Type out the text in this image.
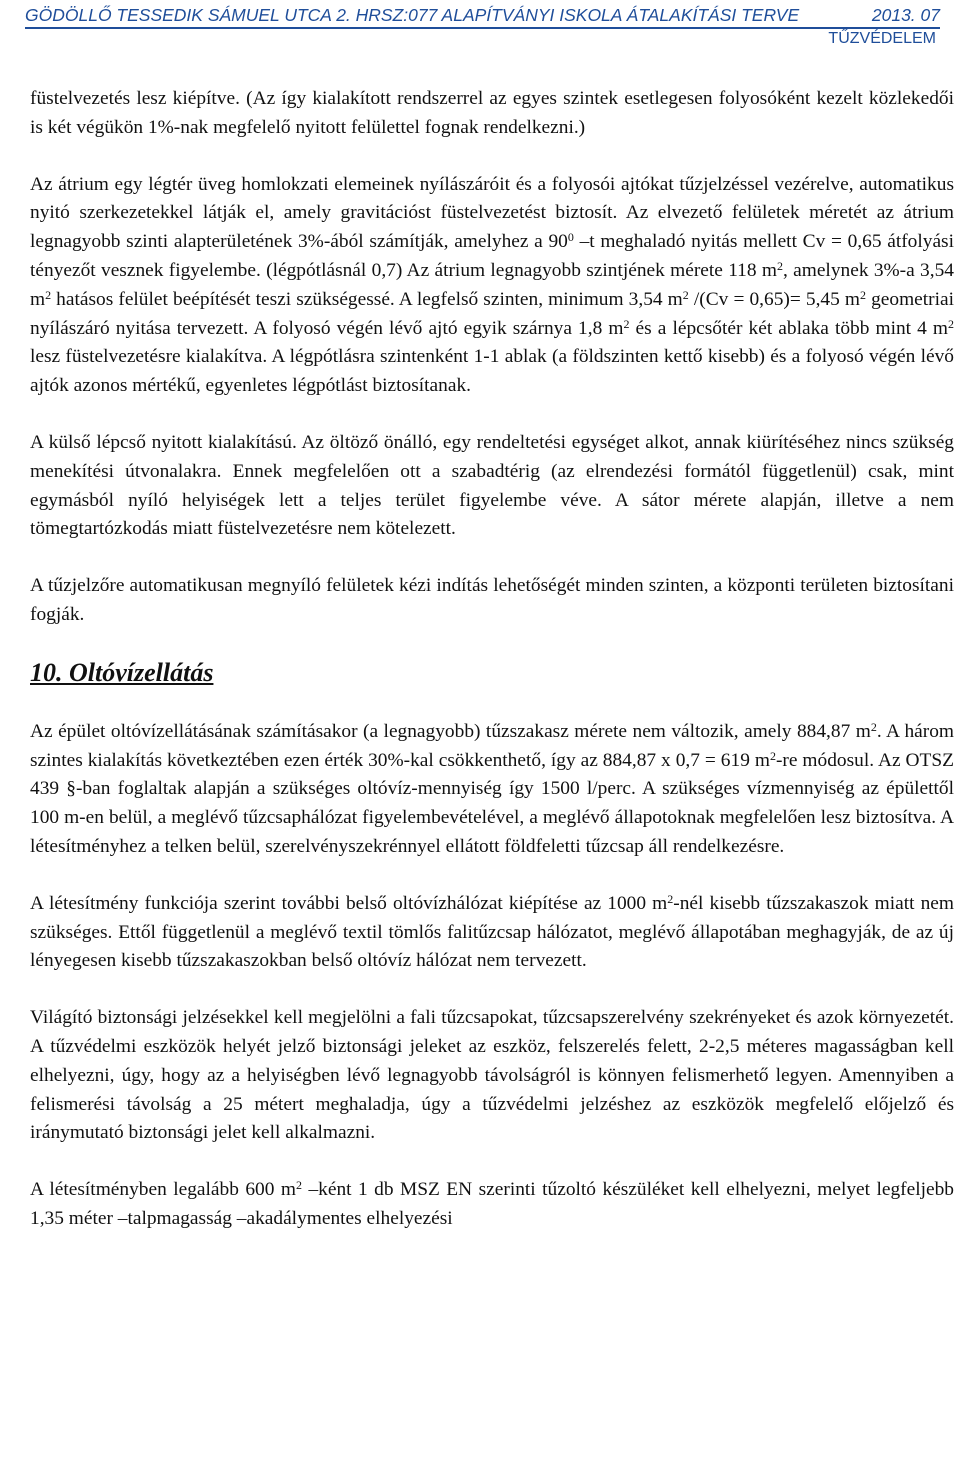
GÖDÖLLŐ TESSEDIK SÁMUEL UTCA 2. HRSZ:077 ALAPÍTVÁNYI ISKOLA ÁTALAKÍTÁSI TERVE	2013. 07
TŰZVÉDELEM

füstelvezetés lesz kiépítve. (Az így kialakított rendszerrel az egyes szintek esetlegesen folyosóként kezelt közlekedői is két végükön 1%-nak megfelelő nyitott felülettel fognak rendelkezni.)

Az átrium egy légtér üveg homlokzati elemeinek nyílászáróit és a folyosói ajtókat tűzjelzéssel vezérelve, automatikus nyitó szerkezetekkel látják el, amely gravitációst füstelvezetést biztosít. Az elvezető felületek méretét az átrium legnagyobb szinti alapterületének 3%-ából számítják, amelyhez a $90^0$ –t meghaladó nyitás mellett Cv = 0,65 átfolyási tényezőt vesznek figyelembe. (légpótlásnál 0,7) Az átrium legnagyobb szintjének mérete 118 $m^2$, amelynek 3%-a 3,54 $m^2$ hatásos felület beépítését teszi szükségessé. A legfelső szinten, minimum 3,54 $m^2$ /(Cv = 0,65)= 5,45 $m^2$ geometriai nyílászáró nyitása tervezett. A folyosó végén lévő ajtó egyik szárnya 1,8 $m^2$ és a lépcsőtér két ablaka több mint 4 $m^2$ lesz füstelvezetésre kialakítva. A légpótlásra szintenként 1-1 ablak (a földszinten kettő kisebb) és a folyosó végén lévő ajtók azonos mértékű, egyenletes légpótlást biztosítanak.

A külső lépcső nyitott kialakítású. Az öltöző önálló, egy rendeltetési egységet alkot, annak kiürítéséhez nincs szükség menekítési útvonalakra. Ennek megfelelően ott a szabadtérig (az elrendezési formától függetlenül) csak, mint egymásból nyíló helyiségek lett a teljes terület figyelembe véve. A sátor mérete alapján, illetve a nem tömegtartózkodás miatt füstelvezetésre nem kötelezett.

A tűzjelzőre automatikusan megnyíló felületek kézi indítás lehetőségét minden szinten, a központi területen biztosítani fogják.

10. Oltóvízellátás

Az épület oltóvízellátásának számításakor (a legnagyobb) tűzszakasz mérete nem változik, amely 884,87 $m^2$. A három szintes kialakítás következtében ezen érték 30%-kal csökkenthető, így az 884,87 x 0,7 = 619 $m^2-re$ módosul. Az OTSZ 439 §-ban foglaltak alapján a szükséges oltóvíz-mennyiség így 1500 l/perc. A szükséges vízmennyiség az épülettől 100 m-en belül, a meglévő tűzcsaphálózat figyelembevételével, a meglévő állapotoknak megfelelően lesz biztosítva. A létesítményhez a telken belül, szerelvényszekrénnyel ellátott földfeletti tűzcsap áll rendelkezésre.

A létesítmény funkciója szerint további belső oltóvízhálózat kiépítése az 1000 $m^2$-nél kisebb tűzszakaszok miatt nem szükséges. Ettől függetlenül a meglévő textil tömlős falitűzcsap hálózatot, meglévő állapotában meghagyják, de az új lényegesen kisebb tűzszakaszokban belső oltóvíz hálózat nem tervezett.

Világító biztonsági jelzésekkel kell megjelölni a fali tűzcsapokat, tűzcsapszerelvény szekrényeket és azok környezetét. A tűzvédelmi eszközök helyét jelző biztonsági jeleket az eszköz, felszerelés felett, 2-2,5 méteres magasságban kell elhelyezni, úgy, hogy az a helyiségben lévő legnagyobb távolságról is könnyen felismerhető legyen. Amennyiben a felismerési távolság a 25 métert meghaladja, úgy a tűzvédelmi jelzéshez az eszközök megfelelő előjelző és iránymutató biztonsági jelet kell alkalmazni.

A létesítményben legalább 600 $m^2$ –ként 1 db MSZ EN szerinti tűzoltó készüléket kell elhelyezni, melyet legfeljebb 1,35 méter –talpmagasság –akadálymentes elhelyezési
